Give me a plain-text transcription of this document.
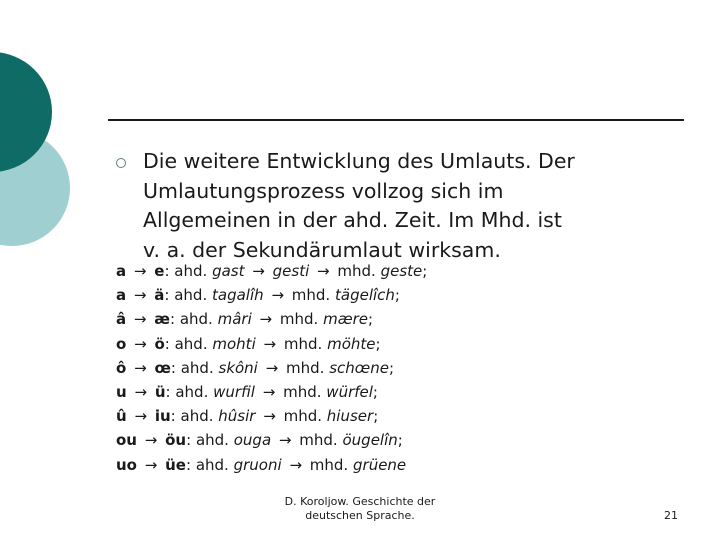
Die weitere Entwicklung des Umlauts. Der
Umlautungsprozess vollzog sich im
Allgemeinen in der ahd. Zeit. Im Mhd. ist
v. a. der Sekundärumlaut wirksam.
a → e: ahd. gast → gesti → mhd. geste;
a → ä: ahd. tagalîh → mhd. tägelîch;
â → æ: ahd. mâri → mhd. mære;
o → ö: ahd. mohti → mhd. möhte;
ô → œ: ahd. skôni → mhd. schœne;
u → ü: ahd. wurfil → mhd. würfel;
û → iu: ahd. hûsir → mhd. hiuser;
ou → öu: ahd. ouga → mhd. öugelîn;
uo → üe: ahd. gruoni → mhd. grüene
D. Koroljow. Geschichte der
deutschen Sprache.	21
